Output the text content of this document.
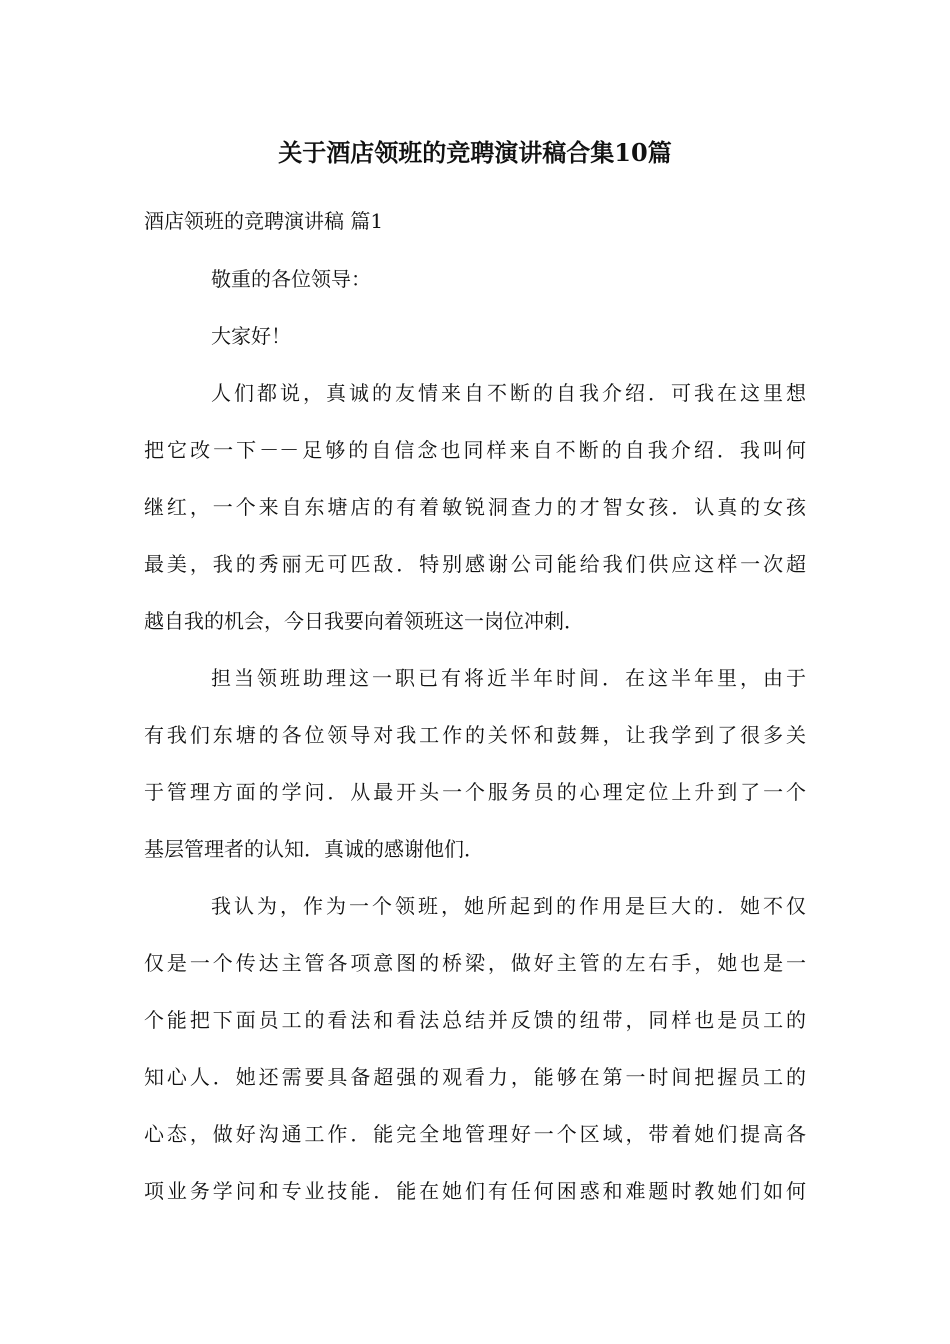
关于酒店领班的竞聘演讲稿合集10篇
酒店领班的竞聘演讲稿 篇1
敬重的各位领导：
大家好！
人们都说，真诚的友情来自不断的自我介绍．可我在这里想
把它改一下－－足够的自信念也同样来自不断的自我介绍．我叫何
继红，一个来自东塘店的有着敏锐洞查力的才智女孩．认真的女孩
最美，我的秀丽无可匹敌．特别感谢公司能给我们供应这样一次超
越自我的机会，今日我要向着领班这一岗位冲刺．
担当领班助理这一职已有将近半年时间．在这半年里，由于
有我们东塘的各位领导对我工作的关怀和鼓舞，让我学到了很多关
于管理方面的学问．从最开头一个服务员的心理定位上升到了一个
基层管理者的认知．真诚的感谢他们．
我认为，作为一个领班，她所起到的作用是巨大的．她不仅
仅是一个传达主管各项意图的桥梁，做好主管的左右手，她也是一
个能把下面员工的看法和看法总结并反馈的纽带，同样也是员工的
知心人．她还需要具备超强的观看力，能够在第一时间把握员工的
心态，做好沟通工作．能完全地管理好一个区域，带着她们提高各
项业务学问和专业技能．能在她们有任何困惑和难题时教她们如何
